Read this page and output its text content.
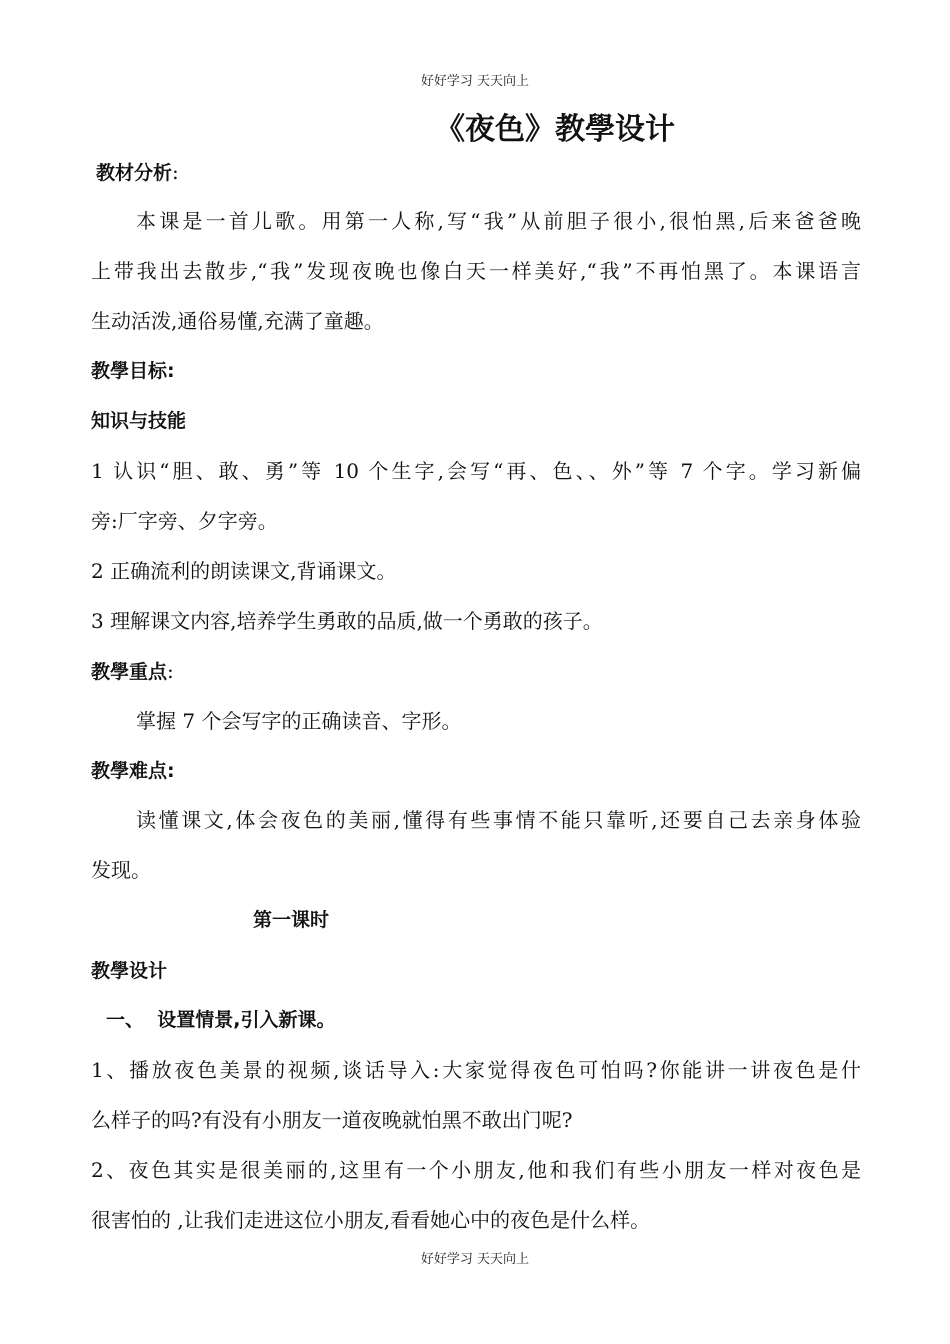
好好学习 天天向上
《夜色》教學设计
教材分析:
本课是一首儿歌。用第一人称,写“我”从前胆子很小,很怕黑,后来爸爸晚
上带我出去散步,“我”发现夜晚也像白天一样美好,“我”不再怕黑了。本课语言
生动活泼,通俗易懂,充满了童趣。
教學目标:
知识与技能
1 认识“胆、敢、勇”等 10 个生字,会写“再、色、、外”等 7 个字。学习新偏
旁:厂字旁、夕字旁。
2 正确流利的朗读课文,背诵课文。
3 理解课文内容,培养学生勇敢的品质,做一个勇敢的孩子。
教學重点:
掌握 7 个会写字的正确读音、字形。
教學难点:
读懂课文,体会夜色的美丽,懂得有些事情不能只靠听,还要自己去亲身体验
发现。
第一课时
教學设计
一、  设置情景,引入新课。
1、播放夜色美景的视频,谈话导入:大家觉得夜色可怕吗?你能讲一讲夜色是什
么样子的吗?有没有小朋友一道夜晚就怕黑不敢出门呢?
2、夜色其实是很美丽的,这里有一个小朋友,他和我们有些小朋友一样对夜色是
很害怕的 ,让我们走进这位小朋友,看看她心中的夜色是什么样。
好好学习 天天向上
